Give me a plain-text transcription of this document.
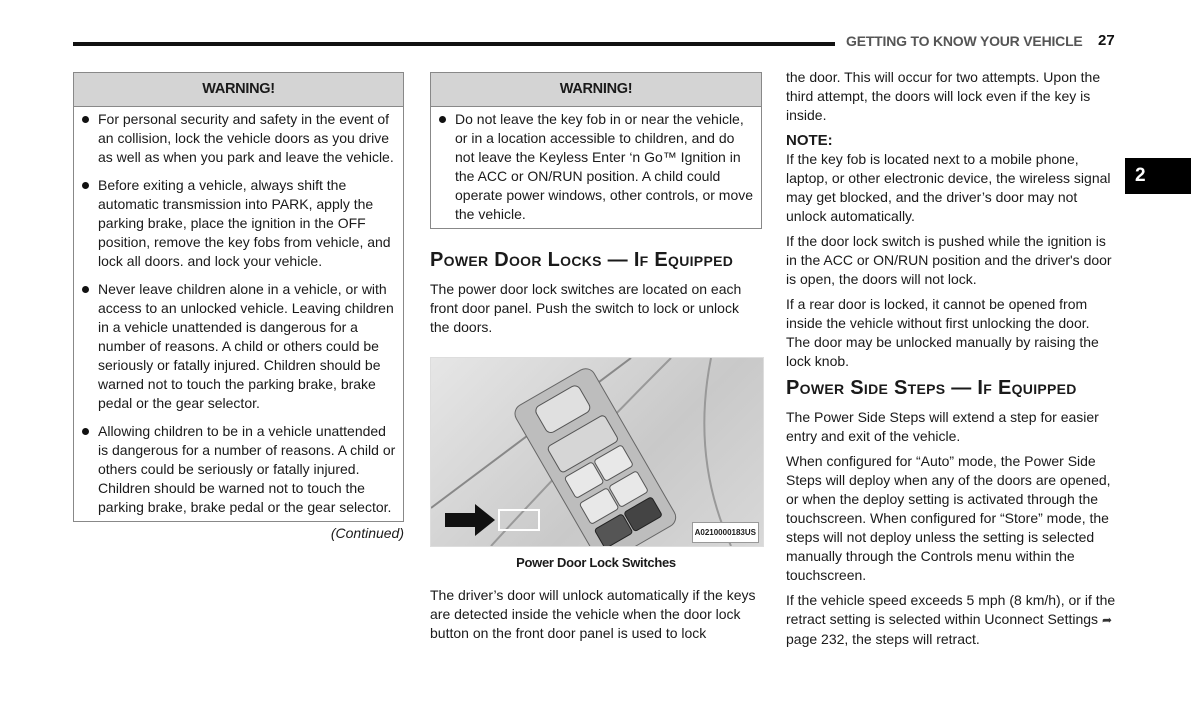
GETTING TO KNOW YOUR VEHICLE 27
2
WARNING!
For personal security and safety in the event of an collision, lock the vehicle doors as you drive as well as when you park and leave the vehicle.
Before exiting a vehicle, always shift the automatic transmission into PARK, apply the parking brake, place the ignition in the OFF position, remove the key fobs from vehicle, and lock all doors. and lock your vehicle.
Never leave children alone in a vehicle, or with access to an unlocked vehicle. Leaving children in a vehicle unattended is dangerous for a number of reasons. A child or others could be seriously or fatally injured. Children should be warned not to touch the parking brake, brake pedal or the gear selector.
Allowing children to be in a vehicle unattended is dangerous for a number of reasons. A child or others could be seriously or fatally injured. Children should be warned not to touch the parking brake, brake pedal or the gear selector.
(Continued)
WARNING!
Do not leave the key fob in or near the vehicle, or in a location accessible to children, and do not leave the Keyless Enter ‘n Go™ Ignition in the ACC or ON/RUN position. A child could operate power windows, other controls, or move the vehicle.
Power Door Locks — If Equipped

The power door lock switches are located on each front door panel. Push the switch to lock or unlock the doors.

A0210000183US
Power Door Lock Switches

The driver’s door will unlock automatically if the keys are detected inside the vehicle when the door lock button on the front door panel is used to lock

the door. This will occur for two attempts. Upon the third attempt, the doors will lock even if the key is inside.

NOTE:

If the key fob is located next to a mobile phone, laptop, or other electronic device, the wireless signal may get blocked, and the driver’s door may not unlock automatically.

If the door lock switch is pushed while the ignition is in the ACC or ON/RUN position and the driver's door is open, the doors will not lock.

If a rear door is locked, it cannot be opened from inside the vehicle without first unlocking the door. The door may be unlocked manually by raising the lock knob.

Power Side Steps — If Equipped

The Power Side Steps will extend a step for easier entry and exit of the vehicle.

When configured for “Auto” mode, the Power Side Steps will deploy when any of the doors are opened, or when the deploy setting is activated through the touchscreen. When configured for “Store” mode, the steps will not deploy unless the setting is selected manually through the Controls menu within the touchscreen.

If the vehicle speed exceeds 5 mph (8 km/h), or if the retract setting is selected within Uconnect Settings ➦ page 232, the steps will retract.
